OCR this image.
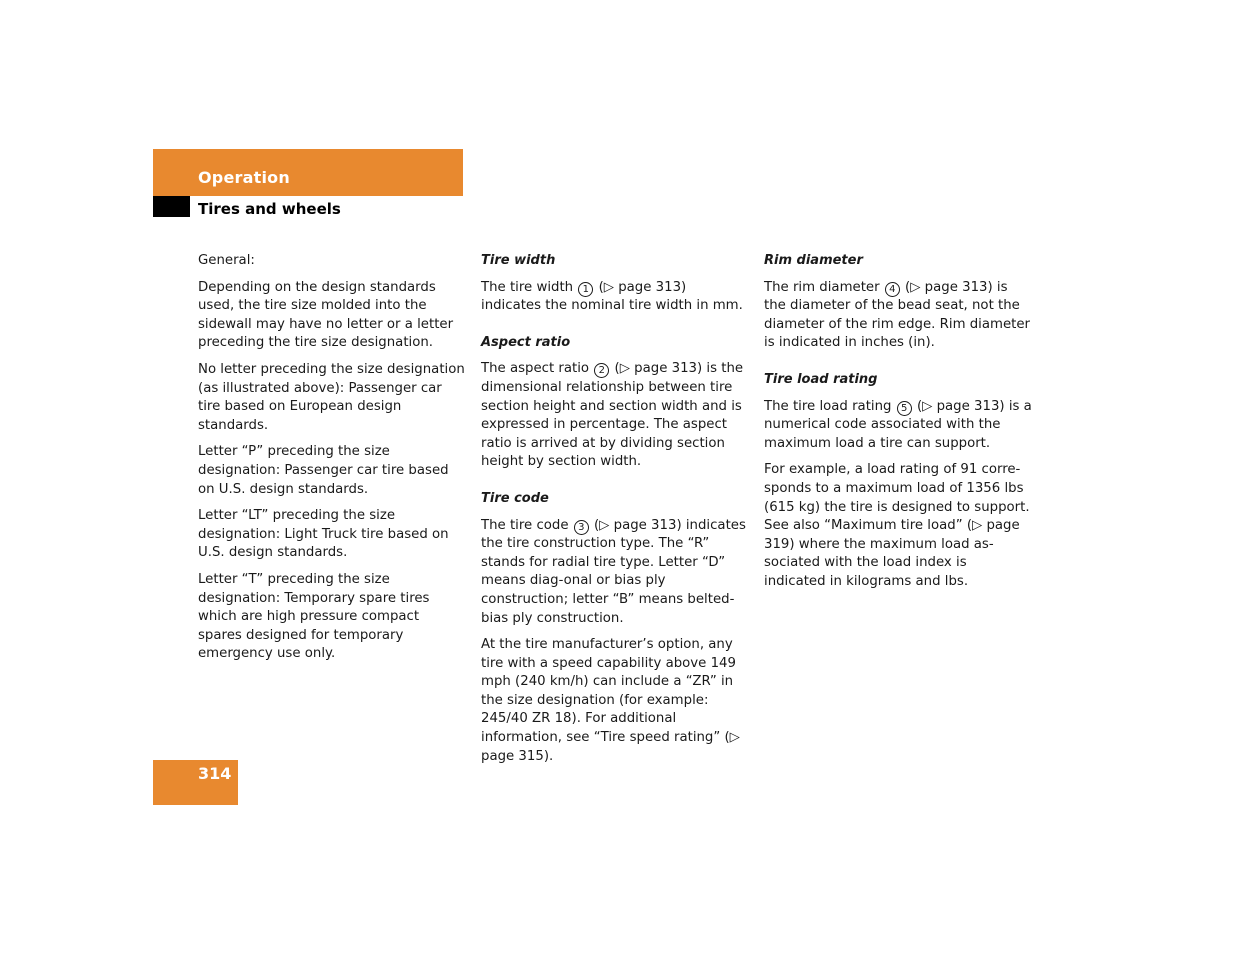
Operation
Tires and wheels

General:

Depending on the design standards used, the tire size molded into the sidewall may have no letter or a letter preceding the tire size designation.

No letter preceding the size designation (as illustrated above): Passenger car tire based on European design standards.

Letter “P” preceding the size designation: Passenger car tire based on U.S. design standards.

Letter “LT” preceding the size designation: Light Truck tire based on U.S. design standards.

Letter “T” preceding the size designation: Temporary spare tires which are high pressure compact spares designed for temporary emergency use only.

Tire width

The tire width 1 (▷ page 313) indicates the nominal tire width in mm.

Aspect ratio

The aspect ratio 2 (▷ page 313) is the dimensional relationship between tire section height and section width and is expressed in percentage. The aspect ratio is arrived at by dividing section height by section width.

Tire code

The tire code 3 (▷ page 313) indicates the tire construction type. The “R” stands for radial tire type. Letter “D” means diag-onal or bias ply construction; letter “B” means belted-bias ply construction.

At the tire manufacturer’s option, any tire with a speed capability above 149 mph (240 km/h) can include a “ZR” in the size designation (for example: 245/40 ZR 18). For additional information, see “Tire speed rating” (▷ page 315).

Rim diameter

The rim diameter 4 (▷ page 313) is the diameter of the bead seat, not the diameter of the rim edge. Rim diameter is indicated in inches (in).

Tire load rating

The tire load rating 5 (▷ page 313) is a numerical code associated with the maximum load a tire can support.

For example, a load rating of 91 corre-sponds to a maximum load of 1356 lbs (615 kg) the tire is designed to support. See also “Maximum tire load” (▷ page 319) where the maximum load as-sociated with the load index is indicated in kilograms and lbs.

314
